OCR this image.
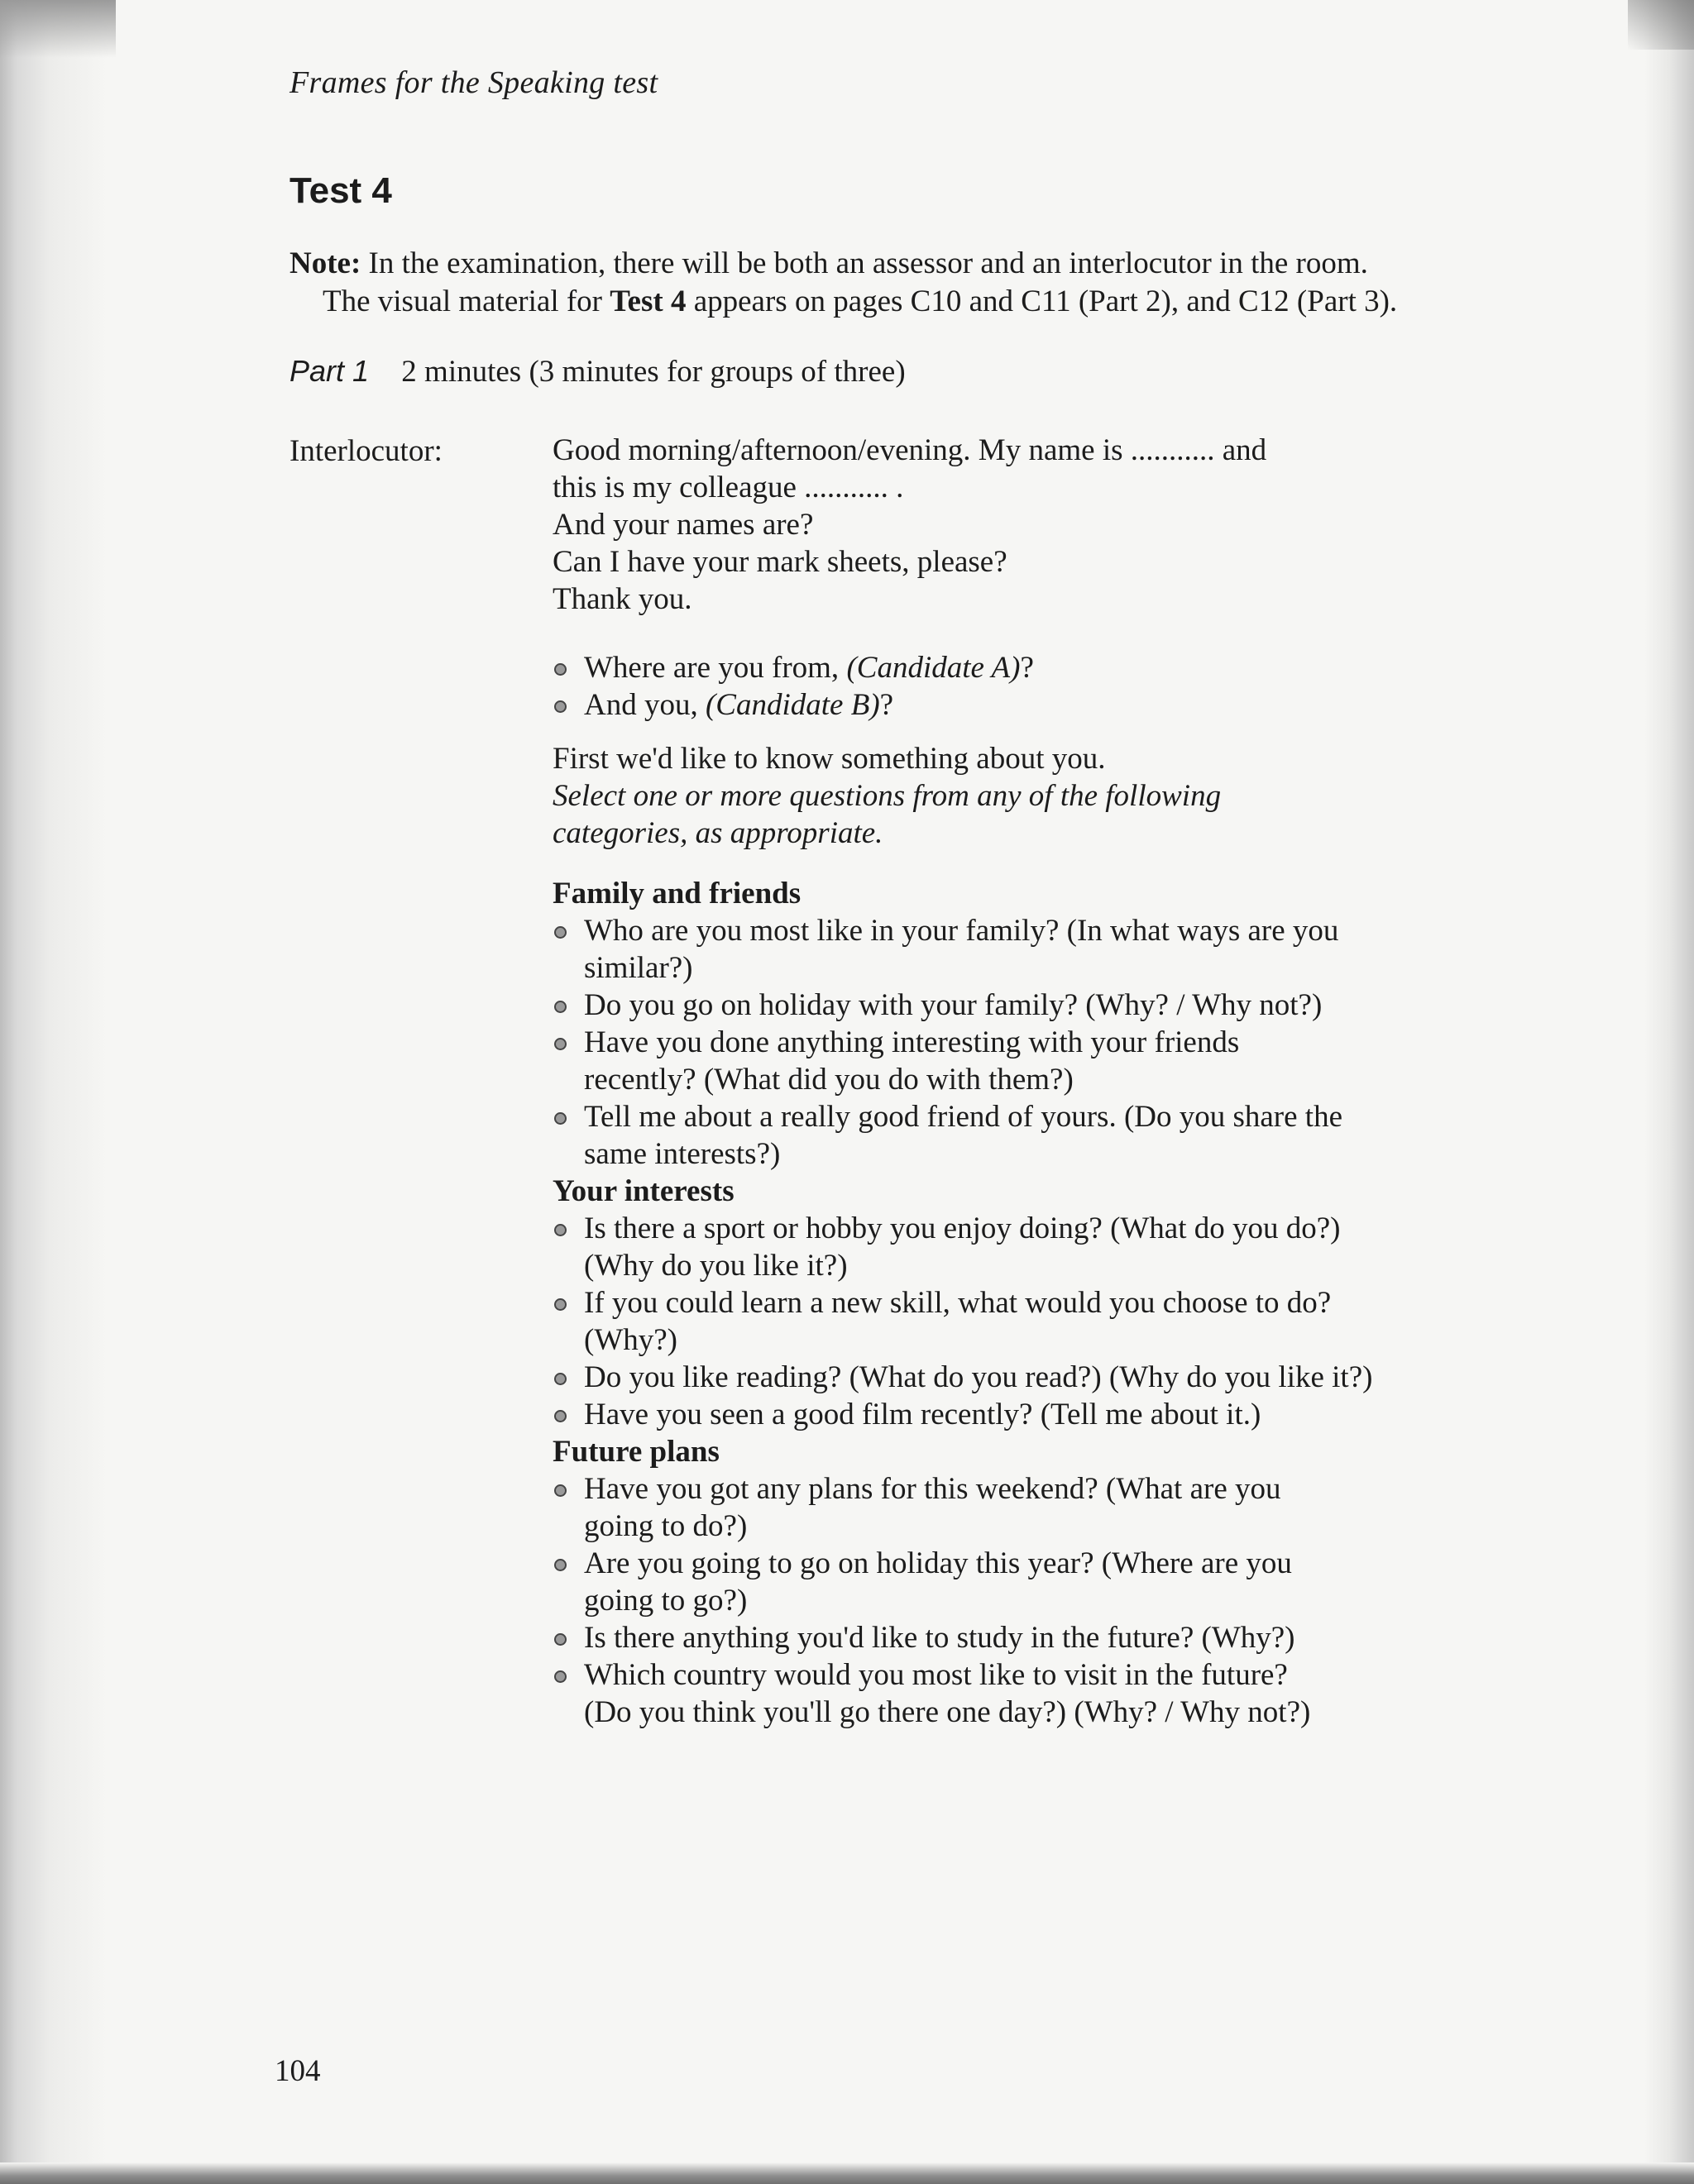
Frames for the Speaking test
Test 4
Note: In the examination, there will be both an assessor and an interlocutor in the room.
The visual material for Test 4 appears on pages C10 and C11 (Part 2), and C12 (Part 3).
Part 1 2 minutes (3 minutes for groups of three)
Interlocutor:	Good morning/afternoon/evening. My name is ........... and

this is my colleague ........... .

And your names are?

Can I have your mark sheets, please?

Thank you.

Where are you from, (Candidate A)?
And you, (Candidate B)?

First we'd like to know something about you.

Select one or more questions from any of the following

categories, as appropriate.

Family and friends

Who are you most like in your family? (In what ways are you
similar?)
Do you go on holiday with your family? (Why? / Why not?)
Have you done anything interesting with your friends
recently? (What did you do with them?)
Tell me about a really good friend of yours. (Do you share the
same interests?)

Your interests

Is there a sport or hobby you enjoy doing? (What do you do?)
(Why do you like it?)
If you could learn a new skill, what would you choose to do?
(Why?)
Do you like reading? (What do you read?) (Why do you like it?)
Have you seen a good film recently? (Tell me about it.)

Future plans

Have you got any plans for this weekend? (What are you
going to do?)
Are you going to go on holiday this year? (Where are you
going to go?)
Is there anything you'd like to study in the future? (Why?)
Which country would you most like to visit in the future?
(Do you think you'll go there one day?) (Why? / Why not?)
104
